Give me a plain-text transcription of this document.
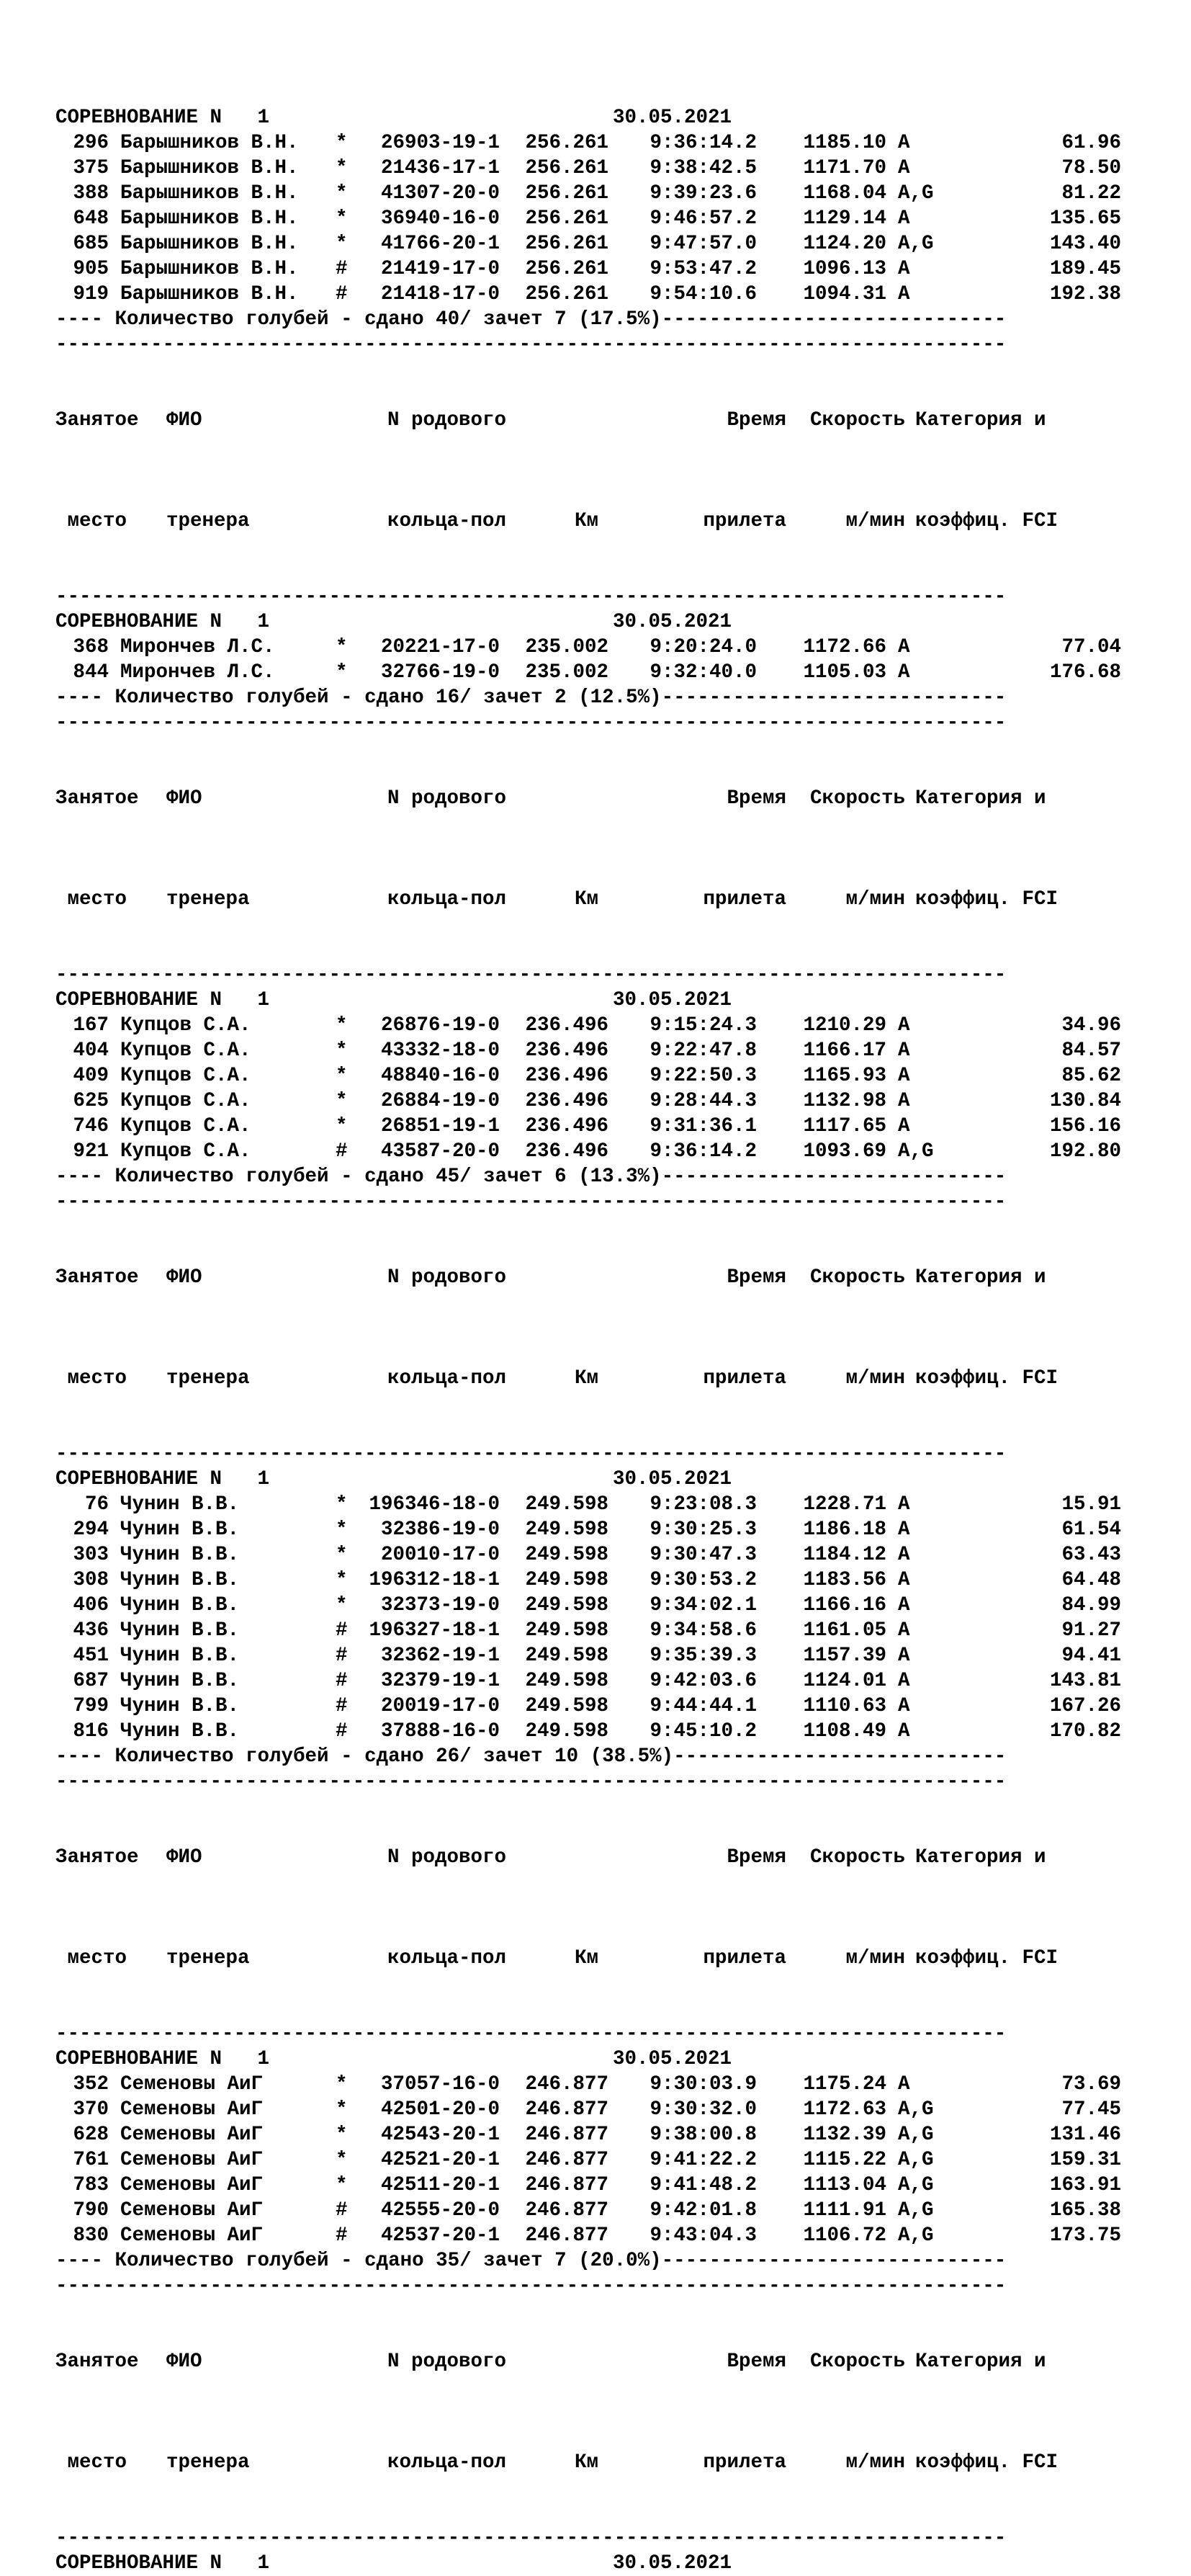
СОРЕВНОВАНИЕ N   1	30.05.2021
296 Барышников В.Н. * 26903-19-1 256.261 9:36:14.2 1185.10 A	61.96
375 Барышников В.Н. * 21436-17-1 256.261 9:38:42.5 1171.70 A	78.50
388 Барышников В.Н. * 41307-20-0 256.261 9:39:23.6 1168.04 A,G	81.22
648 Барышников В.Н. * 36940-16-0 256.261 9:46:57.2 1129.14 A	135.65
685 Барышников В.Н. * 41766-20-1 256.261 9:47:57.0 1124.20 A,G	143.40
905 Барышников В.Н. # 21419-17-0 256.261 9:53:47.2 1096.13 A	189.45
919 Барышников В.Н. # 21418-17-0 256.261 9:54:10.6 1094.31 A	192.38
---- Количество голубей - сдано 40/ зачет 7 (17.5%)-----------------------------
--------------------------------------------------------------------------------

Занятое ФИО	N родового	Время Скорость Категория и

место тренера	кольца-пол	Км	прилета м/мин коэффиц. FCI

--------------------------------------------------------------------------------
СОРЕВНОВАНИЕ N   1	30.05.2021
368 Мирончев Л.С.	* 20221-17-0 235.002 9:20:24.0 1172.66 A	77.04
844 Мирончев Л.С.	* 32766-19-0 235.002 9:32:40.0 1105.03 A	176.68
---- Количество голубей - сдано 16/ зачет 2 (12.5%)-----------------------------
--------------------------------------------------------------------------------

Занятое ФИО	N родового	Время Скорость Категория и

место тренера	кольца-пол	Км	прилета м/мин коэффиц. FCI

--------------------------------------------------------------------------------
СОРЕВНОВАНИЕ N   1	30.05.2021
167 Купцов С.А.	* 26876-19-0 236.496 9:15:24.3 1210.29 A	34.96
404 Купцов С.А.	* 43332-18-0 236.496 9:22:47.8 1166.17 A	84.57
409 Купцов С.А.	* 48840-16-0 236.496 9:22:50.3 1165.93 A	85.62
625 Купцов С.А.	* 26884-19-0 236.496 9:28:44.3 1132.98 A	130.84
746 Купцов С.А.	* 26851-19-1 236.496 9:31:36.1 1117.65 A	156.16
921 Купцов С.А.	# 43587-20-0 236.496 9:36:14.2 1093.69 A,G	192.80
---- Количество голубей - сдано 45/ зачет 6 (13.3%)-----------------------------
--------------------------------------------------------------------------------

Занятое ФИО	N родового	Время Скорость Категория и

место тренера	кольца-пол	Км	прилета м/мин коэффиц. FCI

--------------------------------------------------------------------------------
СОРЕВНОВАНИЕ N   1	30.05.2021
76 Чунин В.В.	* 196346-18-0 249.598 9:23:08.3 1228.71 A	15.91
294 Чунин В.В.	* 32386-19-0 249.598 9:30:25.3 1186.18 A	61.54
303 Чунин В.В.	* 20010-17-0 249.598 9:30:47.3 1184.12 A	63.43
308 Чунин В.В.	* 196312-18-1 249.598 9:30:53.2 1183.56 A	64.48
406 Чунин В.В.	* 32373-19-0 249.598 9:34:02.1 1166.16 A	84.99
436 Чунин В.В.	# 196327-18-1 249.598 9:34:58.6 1161.05 A	91.27
451 Чунин В.В.	# 32362-19-1 249.598 9:35:39.3 1157.39 A	94.41
687 Чунин В.В.	# 32379-19-1 249.598 9:42:03.6 1124.01 A	143.81
799 Чунин В.В.	# 20019-17-0 249.598 9:44:44.1 1110.63 A	167.26
816 Чунин В.В.	# 37888-16-0 249.598 9:45:10.2 1108.49 A	170.82
---- Количество голубей - сдано 26/ зачет 10 (38.5%)----------------------------
--------------------------------------------------------------------------------

Занятое ФИО	N родового	Время Скорость Категория и

место тренера	кольца-пол	Км	прилета м/мин коэффиц. FCI

--------------------------------------------------------------------------------
СОРЕВНОВАНИЕ N   1	30.05.2021
352 Семеновы АиГ	* 37057-16-0 246.877 9:30:03.9 1175.24 A	73.69
370 Семеновы АиГ	* 42501-20-0 246.877 9:30:32.0 1172.63 A,G	77.45
628 Семеновы АиГ	* 42543-20-1 246.877 9:38:00.8 1132.39 A,G	131.46
761 Семеновы АиГ	* 42521-20-1 246.877 9:41:22.2 1115.22 A,G	159.31
783 Семеновы АиГ	* 42511-20-1 246.877 9:41:48.2 1113.04 A,G	163.91
790 Семеновы АиГ	# 42555-20-0 246.877 9:42:01.8 1111.91 A,G	165.38
830 Семеновы АиГ	# 42537-20-1 246.877 9:43:04.3 1106.72 A,G	173.75
---- Количество голубей - сдано 35/ зачет 7 (20.0%)-----------------------------
--------------------------------------------------------------------------------

Занятое ФИО	N родового	Время Скорость Категория и

место тренера	кольца-пол	Км	прилета м/мин коэффиц. FCI

--------------------------------------------------------------------------------
СОРЕВНОВАНИЕ N   1	30.05.2021
